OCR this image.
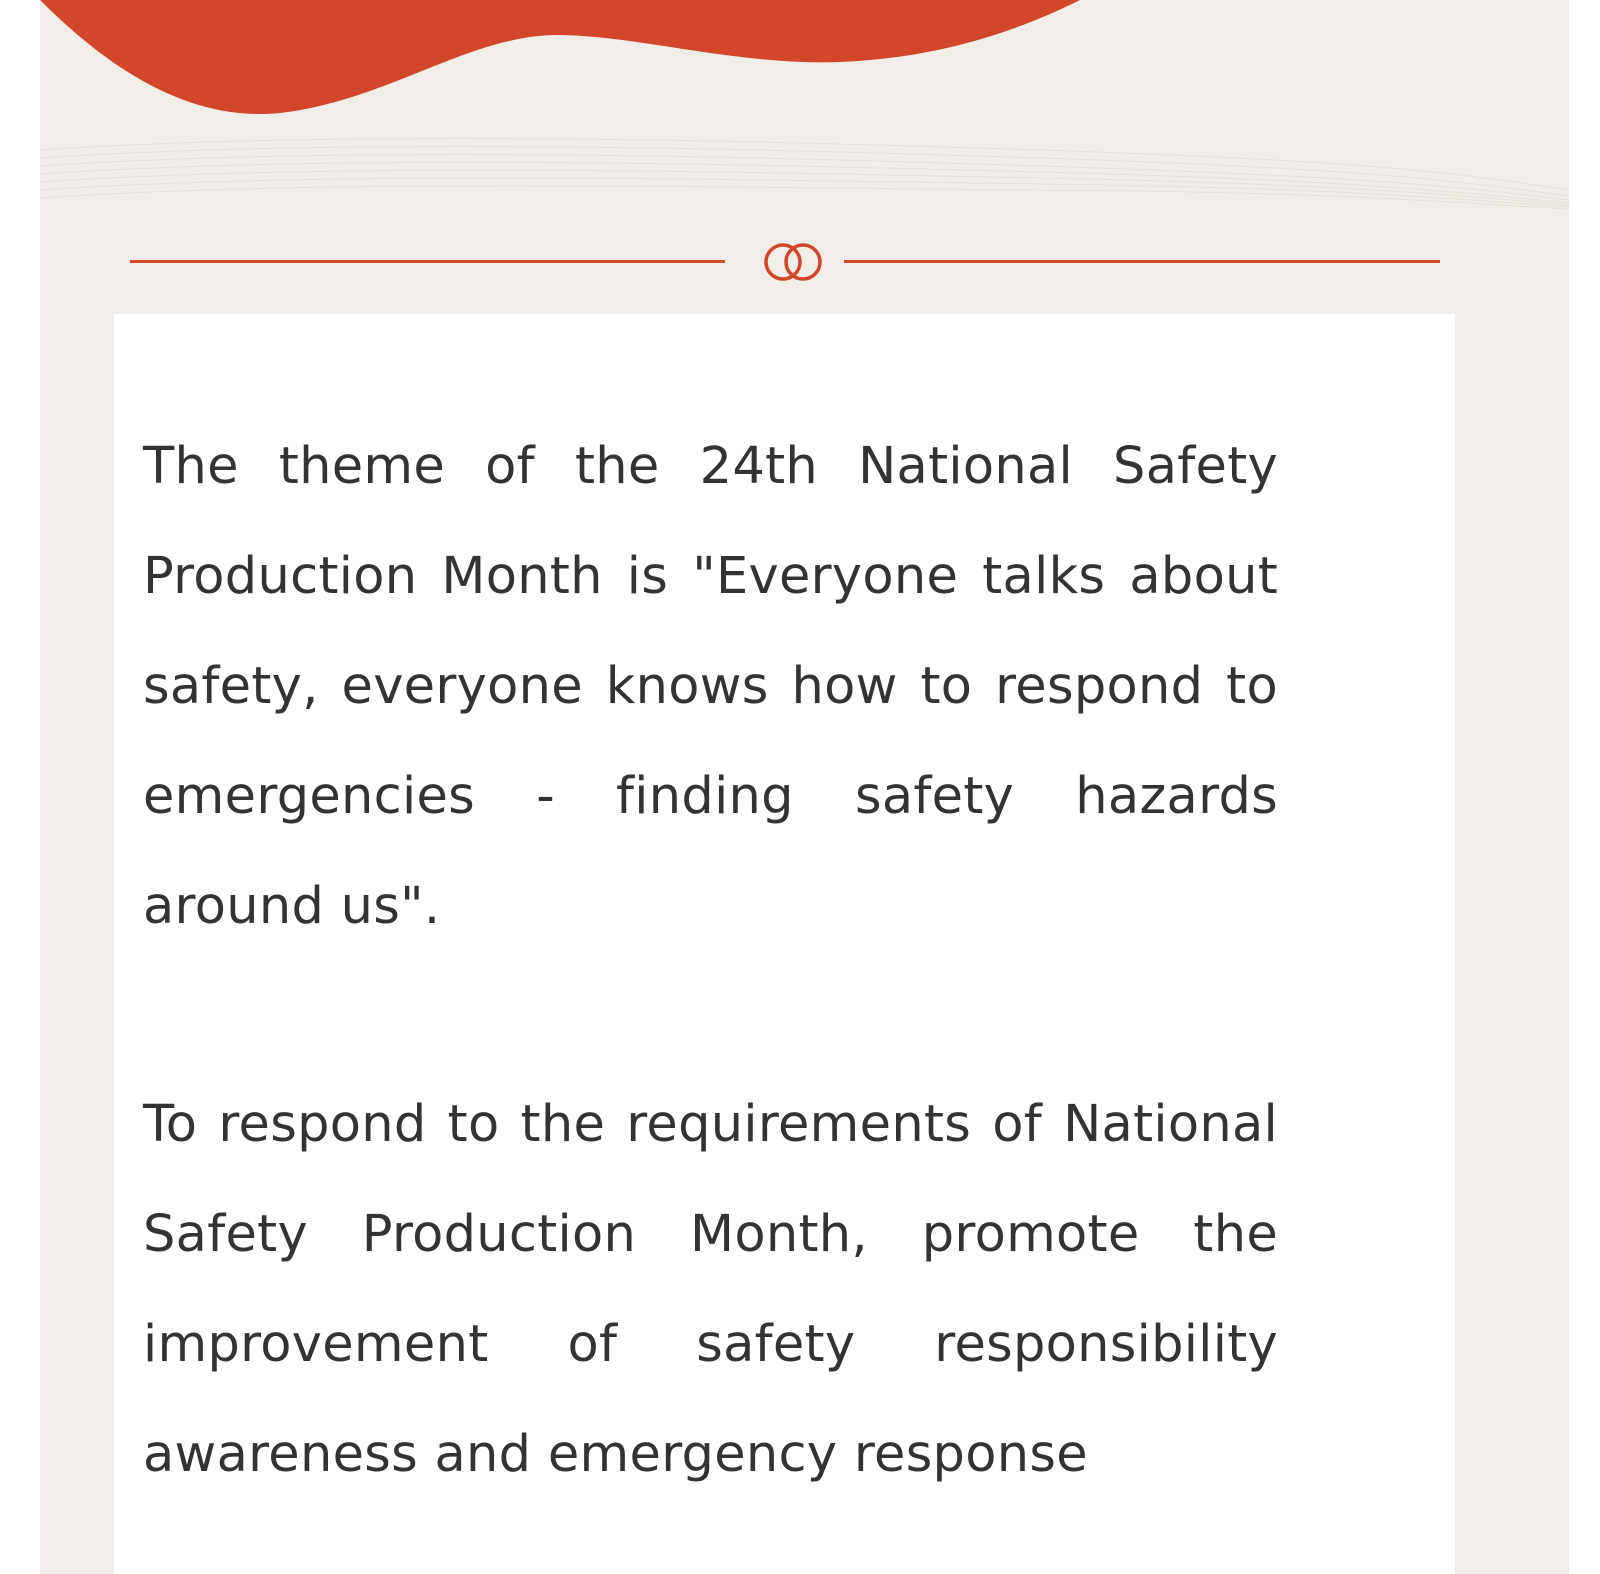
The theme of the 24th National Safety Production Month is "Everyone talks about safety, everyone knows how to respond to emergencies - finding safety hazards around us".

To respond to the requirements of National Safety Production Month, promote the improvement of safety responsibility awareness and emergency response
